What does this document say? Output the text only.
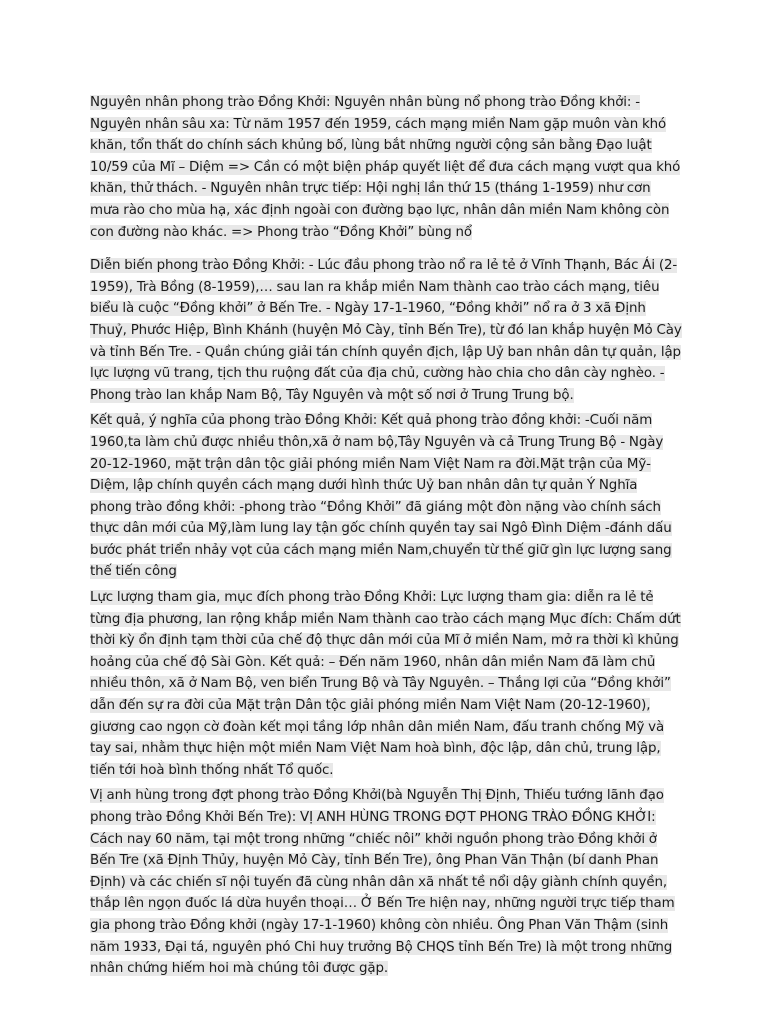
Nguyên nhân phong trào Đồng Khởi: Nguyên nhân bùng nổ phong trào Đồng khởi: - Nguyên nhân sâu xa: Từ năm 1957 đến 1959, cách mạng miền Nam gặp muôn vàn khó khăn, tổn thất do chính sách khủng bố, lùng bắt những người cộng sản bằng Đạo luật 10/59 của Mĩ – Diệm => Cần có một biện pháp quyết liệt để đưa cách mạng vượt qua khó khăn, thử thách. - Nguyên nhân trực tiếp: Hội nghị lần thứ 15 (tháng 1-1959) như cơn mưa rào cho mùa hạ, xác định ngoài con đường bạo lực, nhân dân miền Nam không còn con đường nào khác. => Phong trào “Đồng Khởi” bùng nổ

Diễn biến phong trào Đồng Khởi: - Lúc đầu phong trào nổ ra lẻ tẻ ở Vĩnh Thạnh, Bác Ái (2-1959), Trà Bồng (8-1959),… sau lan ra khắp miền Nam thành cao trào cách mạng, tiêu biểu là cuộc “Đồng khởi” ở Bến Tre. - Ngày 17-1-1960, “Đồng khởi” nổ ra ở 3 xã Định Thuỷ, Phước Hiệp, Bình Khánh (huyện Mỏ Cày, tỉnh Bến Tre), từ đó lan khắp huyện Mỏ Cày và tỉnh Bến Tre. - Quần chúng giải tán chính quyền địch, lập Uỷ ban nhân dân tự quản, lập lực lượng vũ trang, tịch thu ruộng đất của địa chủ, cường hào chia cho dân cày nghèo. - Phong trào lan khắp Nam Bộ, Tây Nguyên và một số nơi ở Trung Trung bộ.

Kết quả, ý nghĩa của phong trào Đồng Khởi: Kết quả phong trào đồng khởi: -Cuối năm 1960,ta làm chủ được nhiều thôn,xã ở nam bộ,Tây Nguyên và cả Trung Trung Bộ - Ngày 20-12-1960, mặt trận dân tộc giải phóng miền Nam Việt Nam ra đời.Mặt trận của Mỹ-Diệm, lập chính quyền cách mạng dưới hình thức Uỷ ban nhân dân tự quản Ý Nghĩa phong trào đồng khởi: -phong trào “Đồng Khởi” đã giáng một đòn nặng vào chính sách thực dân mới của Mỹ,làm lung lay tận gốc chính quyền tay sai Ngô Đình Diệm -đánh dấu bước phát triển nhảy vọt của cách mạng miền Nam,chuyển từ thế giữ gìn lực lượng sang thế tiến công

Lực lượng tham gia, mục đích phong trào Đồng Khởi: Lực lượng tham gia: diễn ra lẻ tẻ từng địa phương, lan rộng khắp miền Nam thành cao trào cách mạng Mục đích: Chấm dứt thời kỳ ổn định tạm thời của chế độ thực dân mới của Mĩ ở miền Nam, mở ra thời kì khủng hoảng của chế độ Sài Gòn. Kết quả: – Đến năm 1960, nhân dân miền Nam đã làm chủ nhiều thôn, xã ở Nam Bộ, ven biển Trung Bộ và Tây Nguyên. – Thắng lợi của “Đồng khởi” dẫn đến sự ra đời của Mặt trận Dân tộc giải phóng miền Nam Việt Nam (20-12-1960), giương cao ngọn cờ đoàn kết mọi tầng lớp nhân dân miền Nam, đấu tranh chống Mỹ và tay sai, nhằm thực hiện một miền Nam Việt Nam hoà bình, độc lập, dân chủ, trung lập, tiến tới hoà bình thống nhất Tổ quốc.

Vị anh hùng trong đợt phong trào Đồng Khởi(bà Nguyễn Thị Định, Thiếu tướng lãnh đạo phong trào Đồng Khởi Bến Tre): VỊ ANH HÙNG TRONG ĐỢT PHONG TRÀO ĐỒNG KHỞI: Cách nay 60 năm, tại một trong những “chiếc nôi” khởi nguồn phong trào Đồng khởi ở Bến Tre (xã Định Thủy, huyện Mỏ Cày, tỉnh Bến Tre), ông Phan Văn Thận (bí danh Phan Định) và các chiến sĩ nội tuyến đã cùng nhân dân xã nhất tề nổi dậy giành chính quyền, thắp lên ngọn đuốc lá dừa huyền thoại… Ở Bến Tre hiện nay, những người trực tiếp tham gia phong trào Đồng khởi (ngày 17-1-1960) không còn nhiều. Ông Phan Văn Thậm (sinh năm 1933, Đại tá, nguyên phó Chi huy trưởng Bộ CHQS tỉnh Bến Tre) là một trong những nhân chứng hiếm hoi mà chúng tôi được gặp.
